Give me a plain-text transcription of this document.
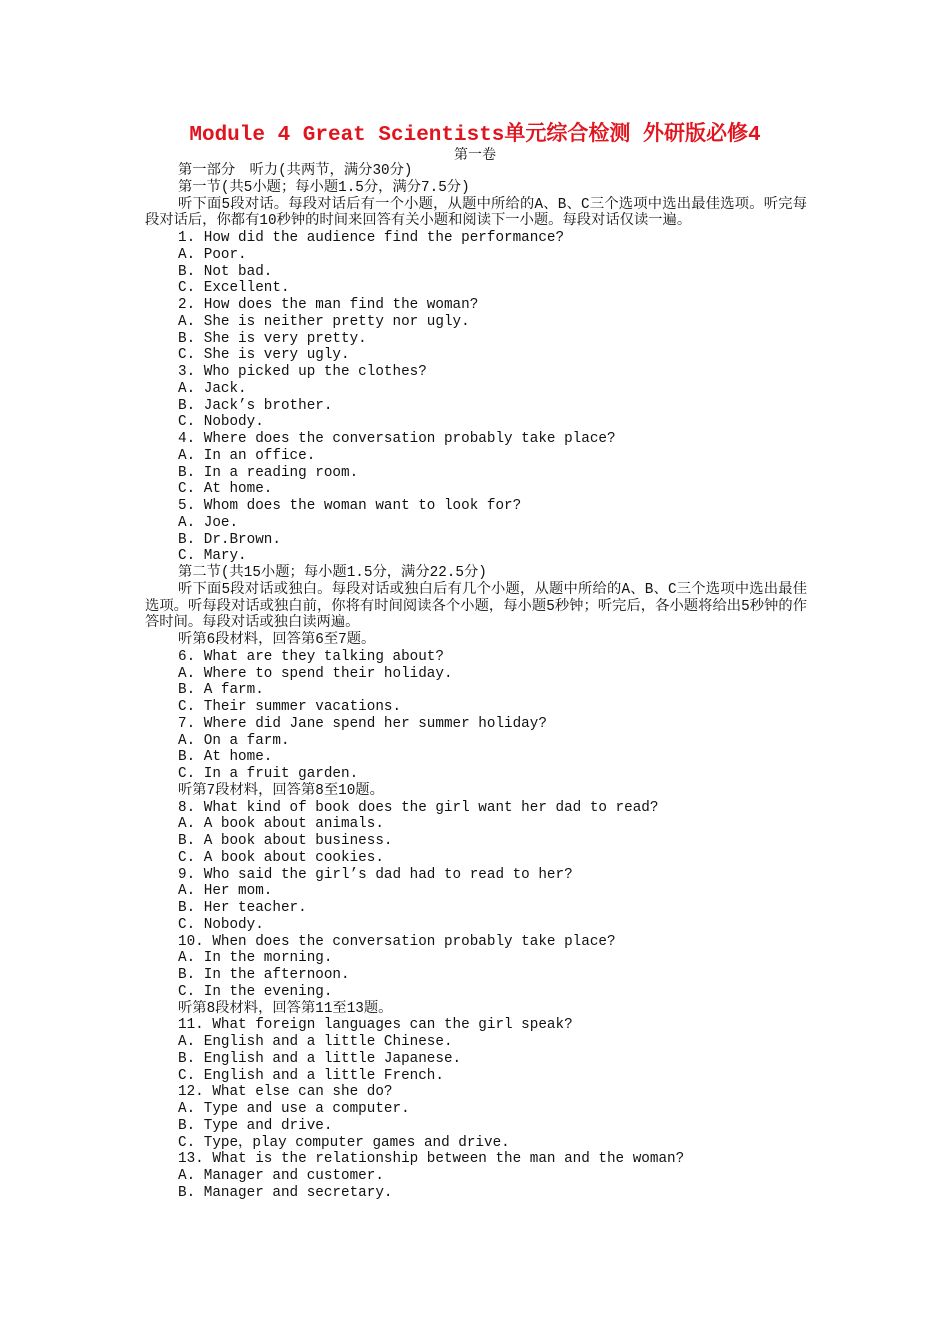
Module 4 Great Scientists单元综合检测 外研版必修4
第一卷
第一部分　听力(共两节，满分30分)
第一节(共5小题；每小题1.5分，满分7.5分)
听下面5段对话。每段对话后有一个小题，从题中所给的A、B、C三个选项中选出最佳选项。听完每段对话后，你都有10秒钟的时间来回答有关小题和阅读下一小题。每段对话仅读一遍。
1. How did the audience find the performance?
A. Poor.
B. Not bad.
C. Excellent.
2. How does the man find the woman?
A. She is neither pretty nor ugly.
B. She is very pretty.
C. She is very ugly.
3. Who picked up the clothes?
A. Jack.
B. Jack’s brother.
C. Nobody.
4. Where does the conversation probably take place?
A. In an office.
B. In a reading room.
C. At home.
5. Whom does the woman want to look for?
A. Joe.
B. Dr.Brown.
C. Mary.
第二节(共15小题；每小题1.5分，满分22.5分)
听下面5段对话或独白。每段对话或独白后有几个小题，从题中所给的A、B、C三个选项中选出最佳选项。听每段对话或独白前，你将有时间阅读各个小题，每小题5秒钟；听完后，各小题将给出5秒钟的作答时间。每段对话或独白读两遍。
听第6段材料，回答第6至7题。
6. What are they talking about?
A. Where to spend their holiday.
B. A farm.
C. Their summer vacations.
7. Where did Jane spend her summer holiday?
A. On a farm.
B. At home.
C. In a fruit garden.
听第7段材料，回答第8至10题。
8. What kind of book does the girl want her dad to read?
A. A book about animals.
B. A book about business.
C. A book about cookies.
9. Who said the girl’s dad had to read to her?
A. Her mom.
B. Her teacher.
C. Nobody.
10. When does the conversation probably take place?
A. In the morning.
B. In the afternoon.
C. In the evening.
听第8段材料，回答第11至13题。
11. What foreign languages can the girl speak?
A. English and a little Chinese.
B. English and a little Japanese.
C. English and a little French.
12. What else can she do?
A. Type and use a computer.
B. Type and drive.
C. Type，play computer games and drive.
13. What is the relationship between the man and the woman?
A. Manager and customer.
B. Manager and secretary.
